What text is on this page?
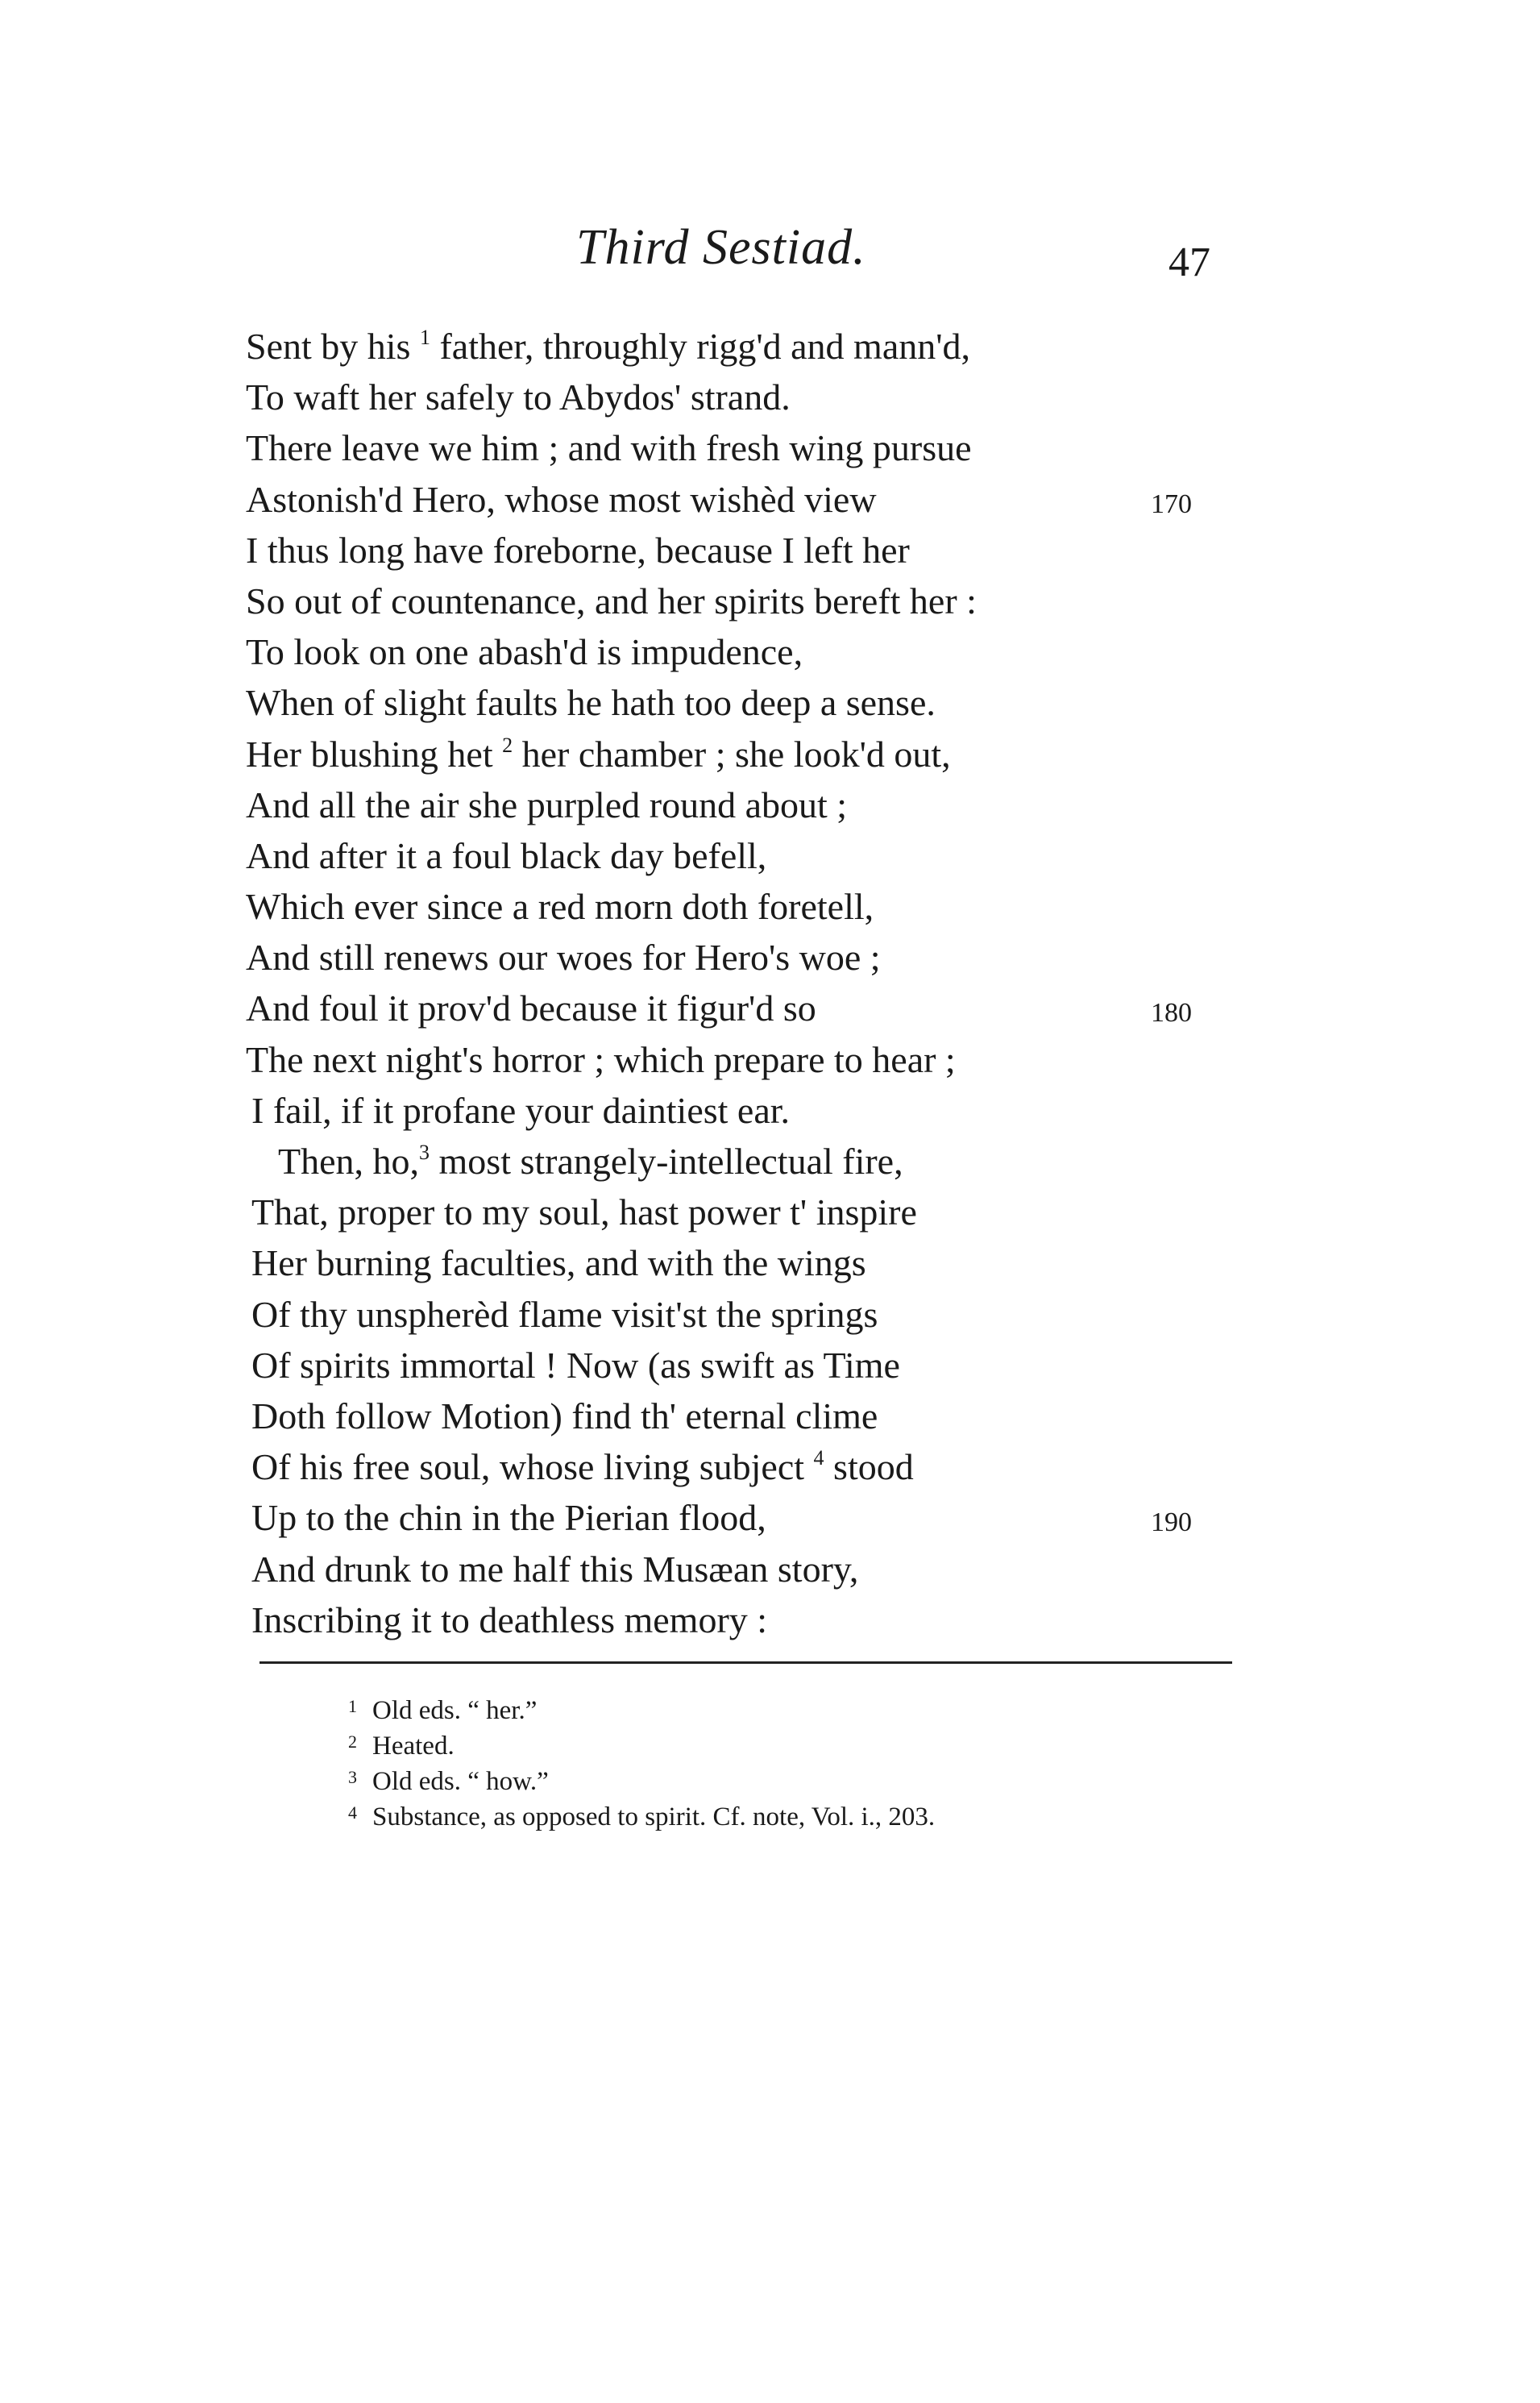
Third Sestiad.	47
Sent by his $^1$ father, throughly rigg'd and mann'd,
To waft her safely to Abydos' strand.
There leave we him ; and with fresh wing pursue
Astonish'd Hero, whose most wishèd view	170
I thus long have foreborne, because I left her
So out of countenance, and her spirits bereft her :
To look on one abash'd is impudence,
When of slight faults he hath too deep a sense.
Her blushing het $^2$ her chamber ; she look'd out,
And all the air she purpled round about ;
And after it a foul black day befell,
Which ever since a red morn doth foretell,
And still renews our woes for Hero's woe ;
And foul it prov'd because it figur'd so	180
The next night's horror ; which prepare to hear ;
I fail, if it profane your daintiest ear.
Then, ho,$^3$ most strangely-intellectual fire,
That, proper to my soul, hast power t' inspire
Her burning faculties, and with the wings
Of thy unspherèd flame visit'st the springs
Of spirits immortal ! Now (as swift as Time
Doth follow Motion) find th' eternal clime
Of his free soul, whose living subject $^4$ stood
Up to the chin in the Pierian flood,	190
And drunk to me half this Musæan story,
Inscribing it to deathless memory :
1 Old eds. “ her.”
2 Heated.
3 Old eds. “ how.”
4 Substance, as opposed to spirit. Cf. note, Vol. i., 203.
